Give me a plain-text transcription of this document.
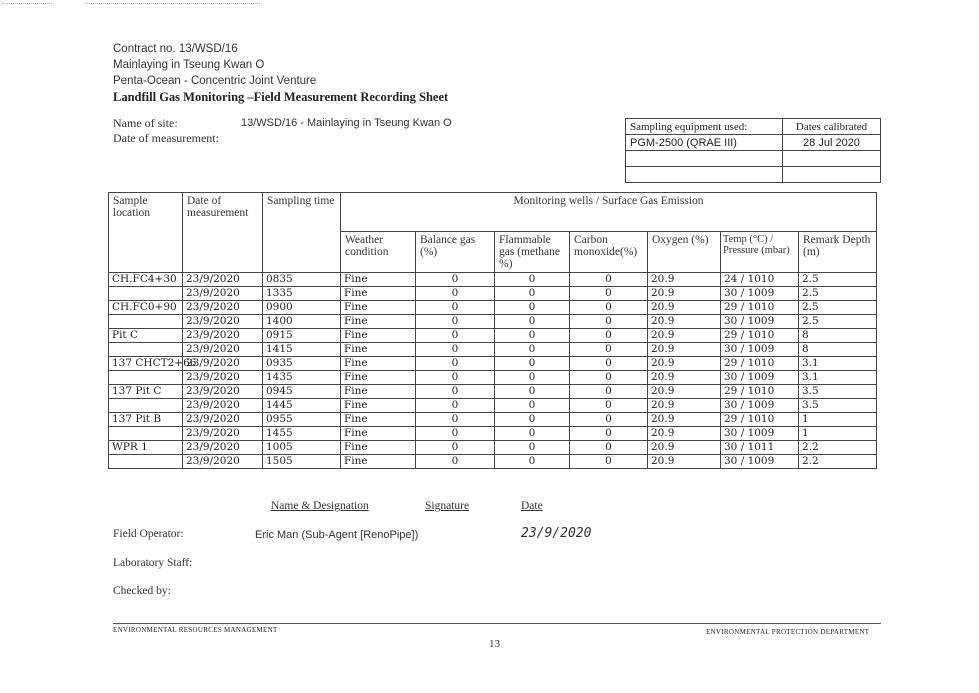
Contract no. 13/WSD/16
Mainlaying in Tseung Kwan O
Penta-Ocean - Concentric Joint Venture
Landfill Gas Monitoring –Field Measurement Recording Sheet
Name of site:	13/WSD/16 - Mainlaying in Tseung Kwan O
Date of measurement:
Sampling equipment used:	Dates calibrated
PGM-2500 (QRAE III)	28 Jul 2020

Sample location	Date of measurement	Sampling time	Monitoring wells / Surface Gas Emission						
			Weather condition	Balance gas (%)	Flammable gas (methane %)	Carbon monoxide(%)	Oxygen (%)	Temp (°C) / Pressure (mbar)	Remark Depth (m)
CH.FC4+30	23/9/2020	0835	Fine	0	0	0	20.9	24 / 1010	2.5
	23/9/2020	1335	Fine	0	0	0	20.9	30 / 1009	2.5
CH.FC0+90	23/9/2020	0900	Fine	0	0	0	20.9	29 / 1010	2.5
	23/9/2020	1400	Fine	0	0	0	20.9	30 / 1009	2.5
Pit C	23/9/2020	0915	Fine	0	0	0	20.9	29 / 1010	8
	23/9/2020	1415	Fine	0	0	0	20.9	30 / 1009	8
137 CHCT2+66	23/9/2020	0935	Fine	0	0	0	20.9	29 / 1010	3.1
	23/9/2020	1435	Fine	0	0	0	20.9	30 / 1009	3.1
137 Pit C	23/9/2020	0945	Fine	0	0	0	20.9	29 / 1010	3.5
	23/9/2020	1445	Fine	0	0	0	20.9	30 / 1009	3.5
137 Pit B	23/9/2020	0955	Fine	0	0	0	20.9	29 / 1010	1
	23/9/2020	1455	Fine	0	0	0	20.9	30 / 1009	1
WPR 1	23/9/2020	1005	Fine	0	0	0	20.9	30 / 1011	2.2
	23/9/2020	1505	Fine	0	0	0	20.9	30 / 1009	2.2
Name & Designation	Signature	Date
Field Operator:	Eric Man (Sub-Agent [RenoPipe])	23/9/2020
Laboratory Staff:
Checked by:
ENVIRONMENTAL RESOURCES MANAGEMENT	ENVIRONMENTAL PROTECTION DEPARTMENT
13
